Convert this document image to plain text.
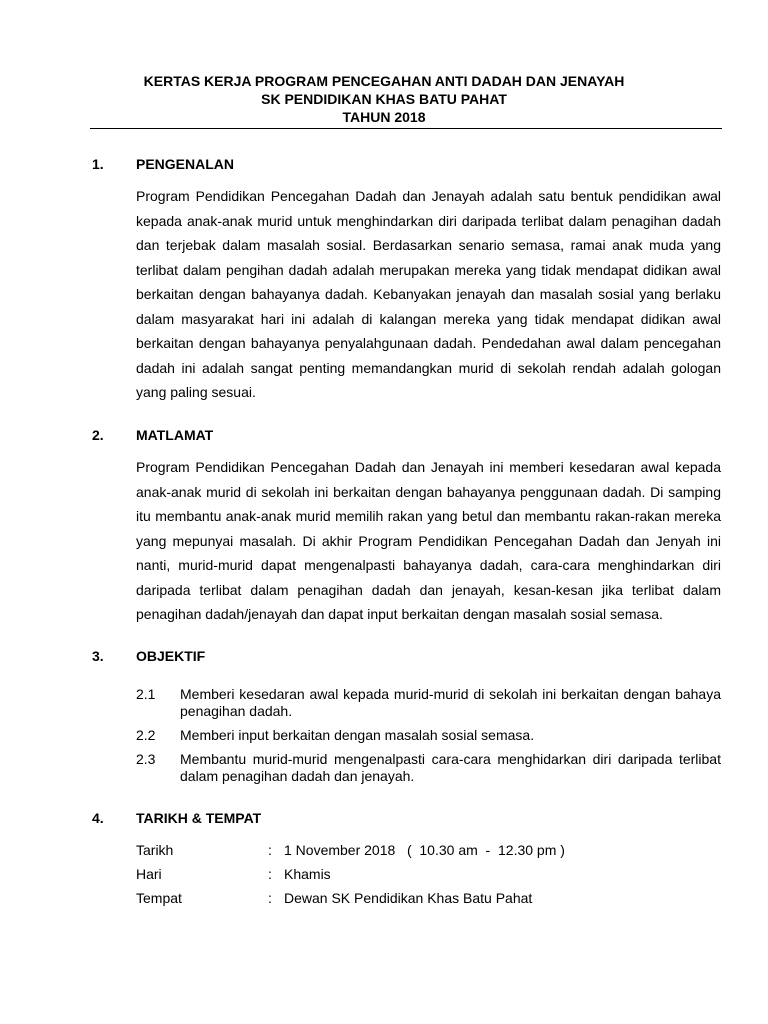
KERTAS KERJA PROGRAM PENCEGAHAN ANTI DADAH DAN JENAYAH
SK PENDIDIKAN KHAS BATU PAHAT
TAHUN 2018
1. PENGENALAN
Program Pendidikan Pencegahan Dadah dan Jenayah adalah satu bentuk pendidikan awal kepada anak-anak murid untuk menghindarkan diri daripada terlibat dalam penagihan dadah dan terjebak dalam masalah sosial. Berdasarkan senario semasa, ramai anak muda yang terlibat dalam pengihan dadah adalah merupakan mereka yang tidak mendapat didikan awal berkaitan dengan bahayanya dadah. Kebanyakan jenayah dan masalah sosial yang berlaku dalam masyarakat hari ini adalah di kalangan mereka yang tidak mendapat didikan awal berkaitan dengan bahayanya penyalahgunaan dadah. Pendedahan awal dalam pencegahan dadah ini adalah sangat penting memandangkan murid di sekolah rendah adalah gologan yang paling sesuai.
2. MATLAMAT
Program Pendidikan Pencegahan Dadah dan Jenayah ini memberi kesedaran awal kepada anak-anak murid di sekolah ini berkaitan dengan bahayanya penggunaan dadah. Di samping itu membantu anak-anak murid memilih rakan yang betul dan membantu rakan-rakan mereka yang mepunyai masalah. Di akhir Program Pendidikan Pencegahan Dadah dan Jenyah ini nanti, murid-murid dapat mengenalpasti bahayanya dadah, cara-cara menghindarkan diri daripada terlibat dalam penagihan dadah dan jenayah, kesan-kesan jika terlibat dalam penagihan dadah/jenayah dan dapat input berkaitan dengan masalah sosial semasa.
3. OBJEKTIF
2.1 Memberi kesedaran awal kepada murid-murid di sekolah ini berkaitan dengan bahaya penagihan dadah.
2.2 Memberi input berkaitan dengan masalah sosial semasa.
2.3 Membantu murid-murid mengenalpasti cara-cara menghidarkan diri daripada terlibat dalam penagihan dadah dan jenayah.
4. TARIKH & TEMPAT
Tarikh	: 1 November 2018   (  10.30 am  -  12.30 pm )
Hari	: Khamis
Tempat	: Dewan SK Pendidikan Khas Batu Pahat
